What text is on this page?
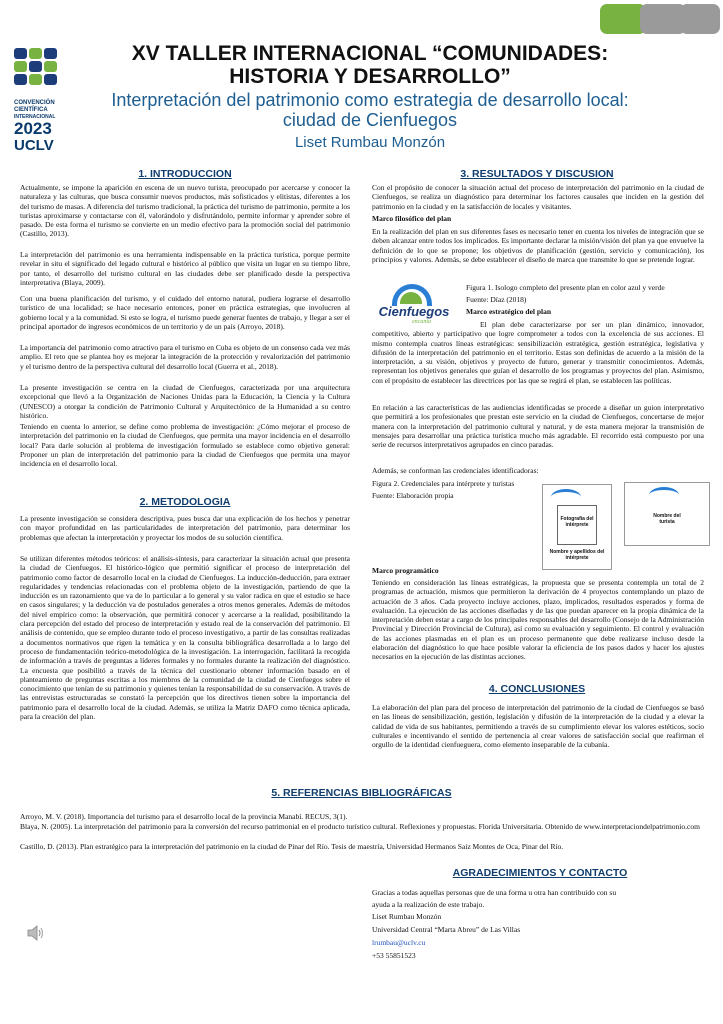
CONVENCIÓN
CIENTÍFICA
INTERNACIONAL
2023
UCLV
XV TALLER INTERNACIONAL “COMUNIDADES: HISTORIA Y DESARROLLO”
Interpretación del patrimonio como estrategia de desarrollo local: ciudad de Cienfuegos
Liset Rumbau Monzón
1. INTRODUCCION

Actualmente, se impone la aparición en escena de un nuevo turista, preocupado por acercarse y conocer la naturaleza y las culturas, que busca consumir nuevos productos, más sofisticados y elitistas, diferentes a los del turismo de masas. A diferencia del turismo tradicional, la práctica del turismo de patrimonio, permite a los turistas aproximarse y contactarse con él, valorándolo y disfrutándolo, permite informar y aprender sobre el pasado. De esta forma el turismo se convierte en un medio efectivo para la promoción social del patrimonio (Castillo, 2013).

La interpretación del patrimonio es una herramienta indispensable en la práctica turística, porque permite revelar in situ el significado del legado cultural e histórico al público que visita un lugar en su tiempo libre, por tanto, el desarrollo del turismo cultural en las ciudades debe ser planificado desde la perspectiva interpretativa (Blaya, 2009).

Con una buena planificación del turismo, y el cuidado del entorno natural, pudiera lograrse el desarrollo turístico de una localidad; se hace necesario entonces, poner en práctica estrategias, que involucren al gobierno local y a la comunidad. Si esto se logra, el turismo puede generar fuentes de trabajo, y llegar a ser el principal aportador de ingresos económicos de un territorio y de un país (Arroyo, 2018).

La importancia del patrimonio como atractivo para el turismo en Cuba es objeto de un consenso cada vez más amplio. El reto que se plantea hoy es mejorar la integración de la protección y revalorización del patrimonio y el turismo dentro de la perspectiva cultural del desarrollo local (Guerra et al., 2018).

La presente investigación se centra en la ciudad de Cienfuegos, caracterizada por una arquitectura excepcional que llevó a la Organización de Naciones Unidas para la Educación, la Ciencia y la Cultura (UNESCO) a otorgar la condición de Patrimonio Cultural y Arquitectónico de la Humanidad a su centro histórico.

Teniendo en cuenta lo anterior, se define como problema de investigación: ¿Cómo mejorar el proceso de interpretación del patrimonio en la ciudad de Cienfuegos, que permita una mayor incidencia en el desarrollo local? Para darle solución al problema de investigación formulado se establece como objetivo general: Proponer un plan de interpretación del patrimonio para la ciudad de Cienfuegos que permita una mayor incidencia en el desarrollo local.

2. METODOLOGIA

La presente investigación se considera descriptiva, pues busca dar una explicación de los hechos y penetrar con mayor profundidad en las particularidades de interpretación del patrimonio, para determinar los problemas que afectan la interpretación y proyectar los modos de su solución científica.

Se utilizan diferentes métodos teóricos: el análisis-síntesis, para caracterizar la situación actual que presenta la ciudad de Cienfuegos. El histórico-lógico que permitió significar el proceso de interpretación del patrimonio como factor de desarrollo local en la ciudad de Cienfuegos. La inducción-deducción, para extraer regularidades y tendencias relacionadas con el problema objeto de la investigación, partiendo de que la inducción es un razonamiento que va de lo particular a lo general y su valor radica en que el estudio se hace en casos singulares; y la deducción va de postulados generales a otros menos generales. Además de métodos del nivel empírico como: la observación, que permitirá conocer y acercarse a la realidad, posibilitando la clara percepción del estado del proceso de interpretación y estado real de la conservación del patrimonio. El análisis de contenido, que se empleo durante todo el proceso investigativo, a partir de las consultas realizadas a documentos normativos que rigen la temática y en la consulta bibliográfica desarrollada a lo largo del proceso de fundamentación teórico-metodológica de la investigación. La interrogación, facilitará la recogida de información a través de preguntas a líderes formales y no formales durante la realización del diagnóstico. La encuesta que posibilitó a través de la técnica del cuestionario obtener información basado en el planteamiento de preguntas escritas a los miembros de la comunidad de la ciudad de Cienfuegos sobre el conocimiento que tenían de su patrimonio y quienes tenían la responsabilidad de su conservación. A través de las entrevistas estructuradas se constató la percepción que los directivos tienen sobre la importancia del patrimonio para el desarrollo local de la ciudad. Además, se utiliza la Matriz DAFO como técnica aplicada, para la creación del plan.

3. RESULTADOS Y DISCUSION

Con el propósito de conocer la situación actual del proceso de interpretación del patrimonio en la ciudad de Cienfuegos, se realiza un diagnóstico para determinar los factores causales que inciden en la gestión del patrimonio en la ciudad y en la satisfacción de locales y visitantes.

Marco filosófico del plan

En la realización del plan en sus diferentes fases es necesario tener en cuenta los niveles de integración que se deben alcanzar entre todos los implicados. Es importante declarar la misión/visión del plan ya que envuelve la definición de lo que se propone; los objetivos de planificación (gestión, servicio y comunicación), los principios y valores. Además, se debe establecer el diseño de marca que transmite lo que se pretende lograr.

Cienfuegos
encanta

Figura 1. Isologo completo del presente plan en color azul y verde

Fuente: Díaz (2018)

Marco estratégico del plan

El plan debe caracterizarse por ser un plan dinámico, innovador, competitivo, abierto y participativo que logre comprometer a todos con la excelencia de sus acciones. El mismo contempla cuatros líneas estratégicas: sensibilización estratégica, gestión estratégica, legislativa y difusión de la interpretación del patrimonio en el territorio. Estas son definidas de acuerdo a la misión de la interpretación, a su visión, objetivos y proyecto de futuro, generar y transmitir conocimientos. Además, representan los objetivos generales que guían el desarrollo de los programas y proyectos del plan. Asimismo, con el propósito de establecer las directrices por las que se regirá el plan, se establecen las políticas.

En relación a las características de las audiencias identificadas se procede a diseñar un guion interpretativo que permitirá a los profesionales que prestan este servicio en la ciudad de Cienfuegos, concertarse de mejor manera con la interpretación del patrimonio cultural y natural, y de esta manera mejorar la transmisión de mensajes para desarrollar una práctica turística mucho más agradable. El recorrido está compuesto por una serie de recursos interpretativos agrupados en cinco paradas.

Además, se conforman las credenciales identificadoras:

Figura 2. Credenciales para intérprete y turistas

Fuente: Elaboración propia

Fotografía del intérprete
Nombre y apellidos del intérprete
Nombre del turista

Marco programático

Teniendo en consideración las líneas estratégicas, la propuesta que se presenta contempla un total de 2 programas de actuación, mismos que permitieron la derivación de 4 proyectos contemplando un plazo de actuación de 3 años. Cada proyecto incluye acciones, plazo, implicados, resultados esperados y forma de evaluación. La ejecución de las acciones diseñadas y de las que puedan aparecer en la propia dinámica de la interpretación deben estar a cargo de los principales responsables del desarrollo (Consejo de la Administración Provincial y Dirección Provincial de Cultura), así como su evaluación y seguimiento. El control y evaluación de las acciones plasmadas en el plan es un proceso permanente que debe realizarse incluso desde la elaboración del diagnóstico lo que hace posible valorar la eficiencia de los pasos dados y hacer los ajustes necesarios en la ejecución de las distintas acciones.

4. CONCLUSIONES

La elaboración del plan para del proceso de interpretación del patrimonio de la ciudad de Cienfuegos se basó en las líneas de sensibilización, gestión, legislación y difusión de la interpretación de la ciudad y a elevar la calidad de vida de sus habitantes, permitiendo a través de su cumplimiento elevar los valores estéticos, socio culturales e incentivando el sentido de pertenencia al crear valores de satisfacción social que reafirman el orgullo de la identidad cienfueguera, como elemento inseparable de la cubanía.

5. REFERENCIAS BIBLIOGRÁFICAS

Arroyo, M. V. (2018). Importancia del turismo para el desarrollo local de la provincia Manabí. RECUS, 3(1).

Blaya, N. (2005). La interpretación del patrimonio para la conversión del recurso patrimonial en el producto turístico cultural. Reflexiones y propuestas. Florida Universitaria. Obtenido de www.interpretaciondelpatrimonio.com

Castillo, D. (2013). Plan estratégico para la interpretación del patrimonio en la ciudad de Pinar del Río. Tesis de maestría, Universidad Hermanos Saiz Montes de Oca, Pinar del Río.

AGRADECIMIENTOS Y CONTACTO

Gracias a todas aquellas personas que de una forma u otra han contribuido con su

ayuda a la realización de este trabajo.

Liset Rumbau Monzón

Universidad Central “Marta Abreu” de Las Villas

lrumbau@uclv.cu

+53 55851523
